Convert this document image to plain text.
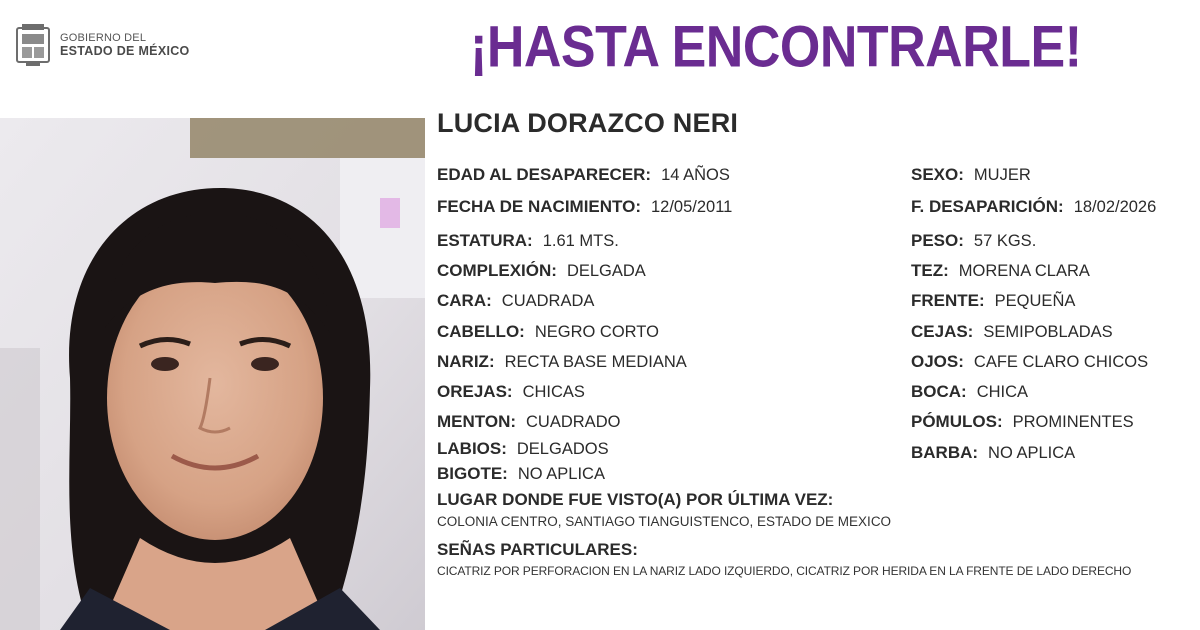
GOBIERNO DEL
ESTADO DE MÉXICO	¡HASTA ENCONTRARLE!
LUCIA DORAZCO NERI
EDAD AL DESAPARECER: 14 AÑOS
FECHA DE NACIMIENTO: 12/05/2011
ESTATURA: 1.61 MTS.
COMPLEXIÓN: DELGADA
CARA: CUADRADA
CABELLO: NEGRO CORTO
NARIZ: RECTA BASE MEDIANA
OREJAS: CHICAS
MENTON: CUADRADO
LABIOS: DELGADOS
BIGOTE: NO APLICA
SEXO: MUJER
F. DESAPARICIÓN: 18/02/2026
PESO: 57 KGS.
TEZ: MORENA CLARA
FRENTE: PEQUEÑA
CEJAS: SEMIPOBLADAS
OJOS: CAFE CLARO CHICOS
BOCA: CHICA
PÓMULOS: PROMINENTES
BARBA: NO APLICA
LUGAR DONDE FUE VISTO(A) POR ÚLTIMA VEZ:
COLONIA CENTRO, SANTIAGO TIANGUISTENCO, ESTADO DE MEXICO
SEÑAS PARTICULARES:
CICATRIZ POR PERFORACION EN LA NARIZ LADO IZQUIERDO, CICATRIZ POR HERIDA EN LA FRENTE DE LADO DERECHO
